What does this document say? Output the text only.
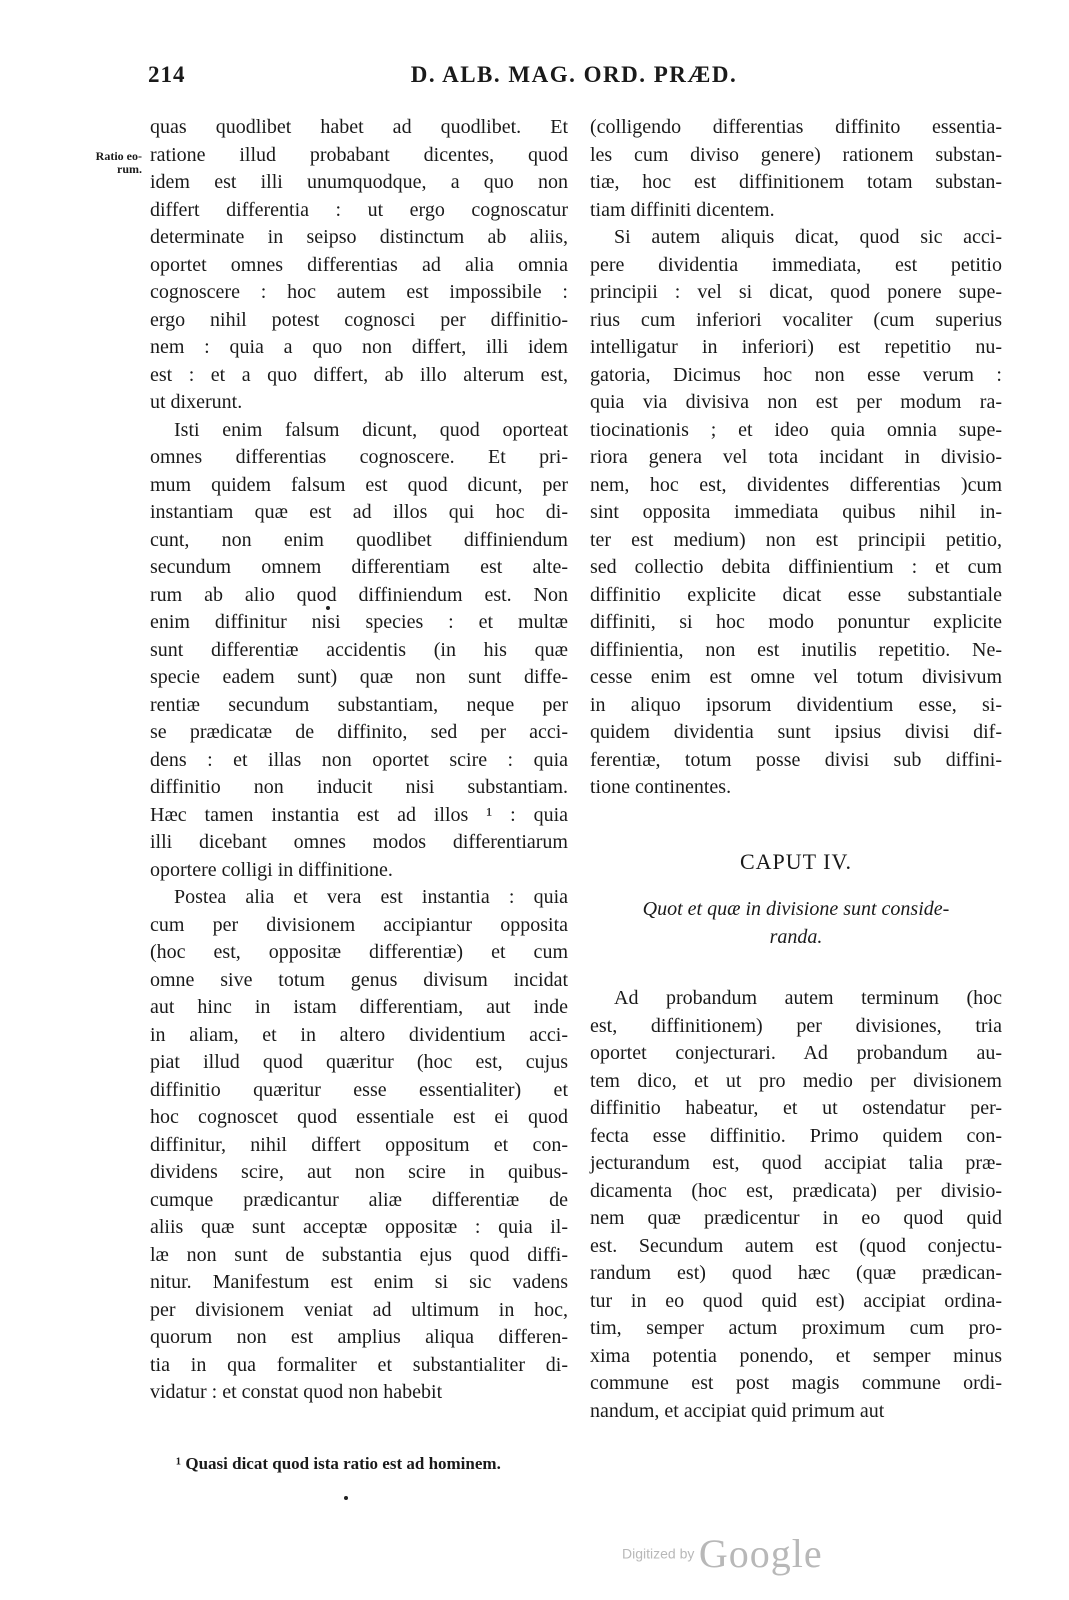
214	D. ALB. MAG. ORD. PRÆD.
Ratio eo-
rum.
quas quodlibet habet ad quodlibet. Et
ratione illud probabant dicentes, quod
idem est illi unumquodque, a quo non
differt differentia : ut ergo cognoscatur
determinate in seipso distinctum ab aliis,
oportet omnes differentias ad alia omnia
cognoscere : hoc autem est impossibile :
ergo nihil potest cognosci per diffinitio-
nem : quia a quo non differt, illi idem
est : et a quo differt, ab illo alterum est,
ut dixerunt.
Isti enim falsum dicunt, quod oporteat
omnes differentias cognoscere. Et pri-
mum quidem falsum est quod dicunt, per
instantiam quæ est ad illos qui hoc di-
cunt, non enim quodlibet diffiniendum
secundum omnem differentiam est alte-
rum ab alio quod diffiniendum est. Non
enim diffinitur nisi species : et multæ
sunt differentiæ accidentis (in his quæ
specie eadem sunt) quæ non sunt diffe-
rentiæ secundum substantiam, neque per
se prædicatæ de diffinito, sed per acci-
dens : et illas non oportet scire : quia
diffinitio non inducit nisi substantiam.
Hæc tamen instantia est ad illos ¹ : quia
illi dicebant omnes modos differentiarum
oportere colligi in diffinitione.
Postea alia et vera est instantia : quia
cum per divisionem accipiantur opposita
(hoc est, oppositæ differentiæ) et cum
omne sive totum genus divisum incidat
aut hinc in istam differentiam, aut inde
in aliam, et in altero dividentium acci-
piat illud quod quæritur (hoc est, cujus
diffinitio quæritur esse essentialiter) et
hoc cognoscet quod essentiale est ei quod
diffinitur, nihil differt oppositum et con-
dividens scire, aut non scire in quibus-
cumque prædicantur aliæ differentiæ de
aliis quæ sunt acceptæ oppositæ : quia il-
læ non sunt de substantia ejus quod diffi-
nitur. Manifestum est enim si sic vadens
per divisionem veniat ad ultimum in hoc,
quorum non est amplius aliqua differen-
tia in qua formaliter et substantialiter di-
vidatur : et constat quod non habebit
(colligendo differentias diffinito essentia-
les cum diviso genere) rationem substan-
tiæ, hoc est diffinitionem totam substan-
tiam diffiniti dicentem.
Si autem aliquis dicat, quod sic acci-
pere dividentia immediata, est petitio
principii : vel si dicat, quod ponere supe-
rius cum inferiori vocaliter (cum superius
intelligatur in inferiori) est repetitio nu-
gatoria, Dicimus hoc non esse verum :
quia via divisiva non est per modum ra-
tiocinationis ; et ideo quia omnia supe-
riora genera vel tota incidant in divisio-
nem, hoc est, dividentes differentias )cum
sint opposita immediata quibus nihil in-
ter est medium) non est principii petitio,
sed collectio debita diffinientium : et cum
diffinitio explicite dicat esse substantiale
diffiniti, si hoc modo ponuntur explicite
diffinientia, non est inutilis repetitio. Ne-
cesse enim est omne vel totum divisivum
in aliquo ipsorum dividentium esse, si-
quidem dividentia sunt ipsius divisi dif-
ferentiæ, totum posse divisi sub diffini-
tione continentes.
CAPUT IV.
Quot et quæ in divisione sunt conside-
randa.
Ad probandum autem terminum (hoc
est, diffinitionem) per divisiones, tria
oportet conjecturari. Ad probandum au-
tem dico, et ut pro medio per divisionem
diffinitio habeatur, et ut ostendatur per-
fecta esse diffinitio. Primo quidem con-
jecturandum est, quod accipiat talia præ-
dicamenta (hoc est, prædicata) per divisio-
nem quæ prædicentur in eo quod quid
est. Secundum autem est (quod conjectu-
randum est) quod hæc (quæ prædican-
tur in eo quod quid est) accipiat ordina-
tim, semper actum proximum cum pro-
xima potentia ponendo, et semper minus
commune est post magis commune ordi-
nandum, et accipiat quid primum aut
¹ Quasi dicat quod ista ratio est ad hominem.
Digitized by Google
